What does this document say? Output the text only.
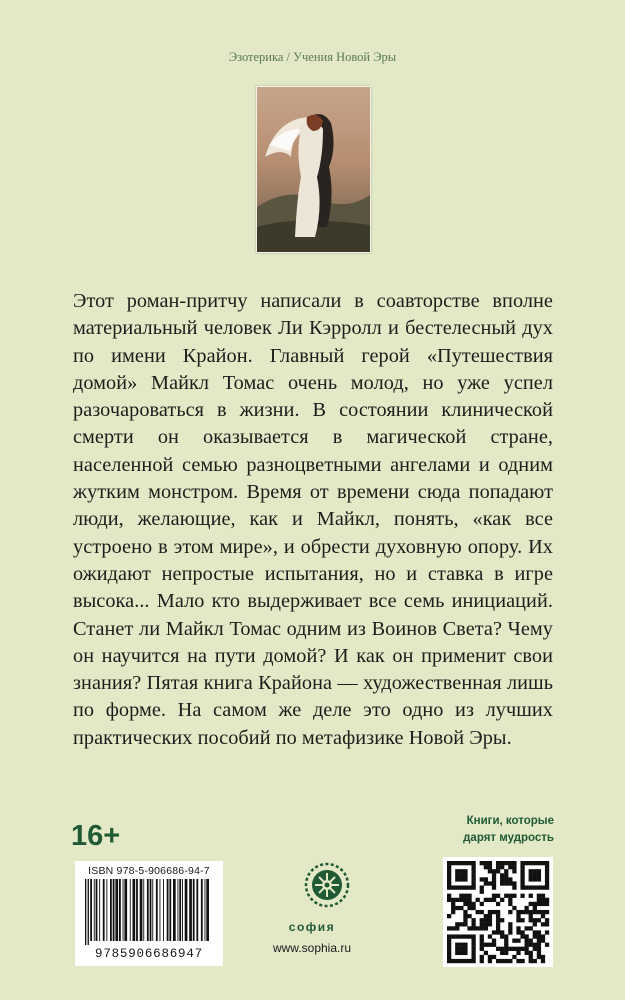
Эзотерика / Учения Новой Эры

Этот роман-притчу написали в соавторстве вполне материальный человек Ли Кэрролл и бестелесный дух по имени Крайон. Главный герой «Путешествия домой» Майкл Томас очень молод, но уже успел разочароваться в жизни. В состоянии клинической смерти он оказывается в магической стране, населенной семью разноцветными ангелами и одним жутким монстром. Время от времени сюда попадают люди, желающие, как и Майкл, понять, «как все устроено в этом мире», и обрести духовную опору. Их ожидают непростые испытания, но и ставка в игре высока... Мало кто выдерживает все семь инициаций. Станет ли Майкл Томас одним из Воинов Света? Чему он научится на пути домой? И как он применит свои знания? Пятая книга Крайона — художественная лишь по форме. На самом же деле это одно из лучших практических пособий по метафизике Новой Эры.

16+	Книги, которые
дарят мудрость
ISBN 978-5-906686-94-7
9785906686947
софия
www.sophia.ru
